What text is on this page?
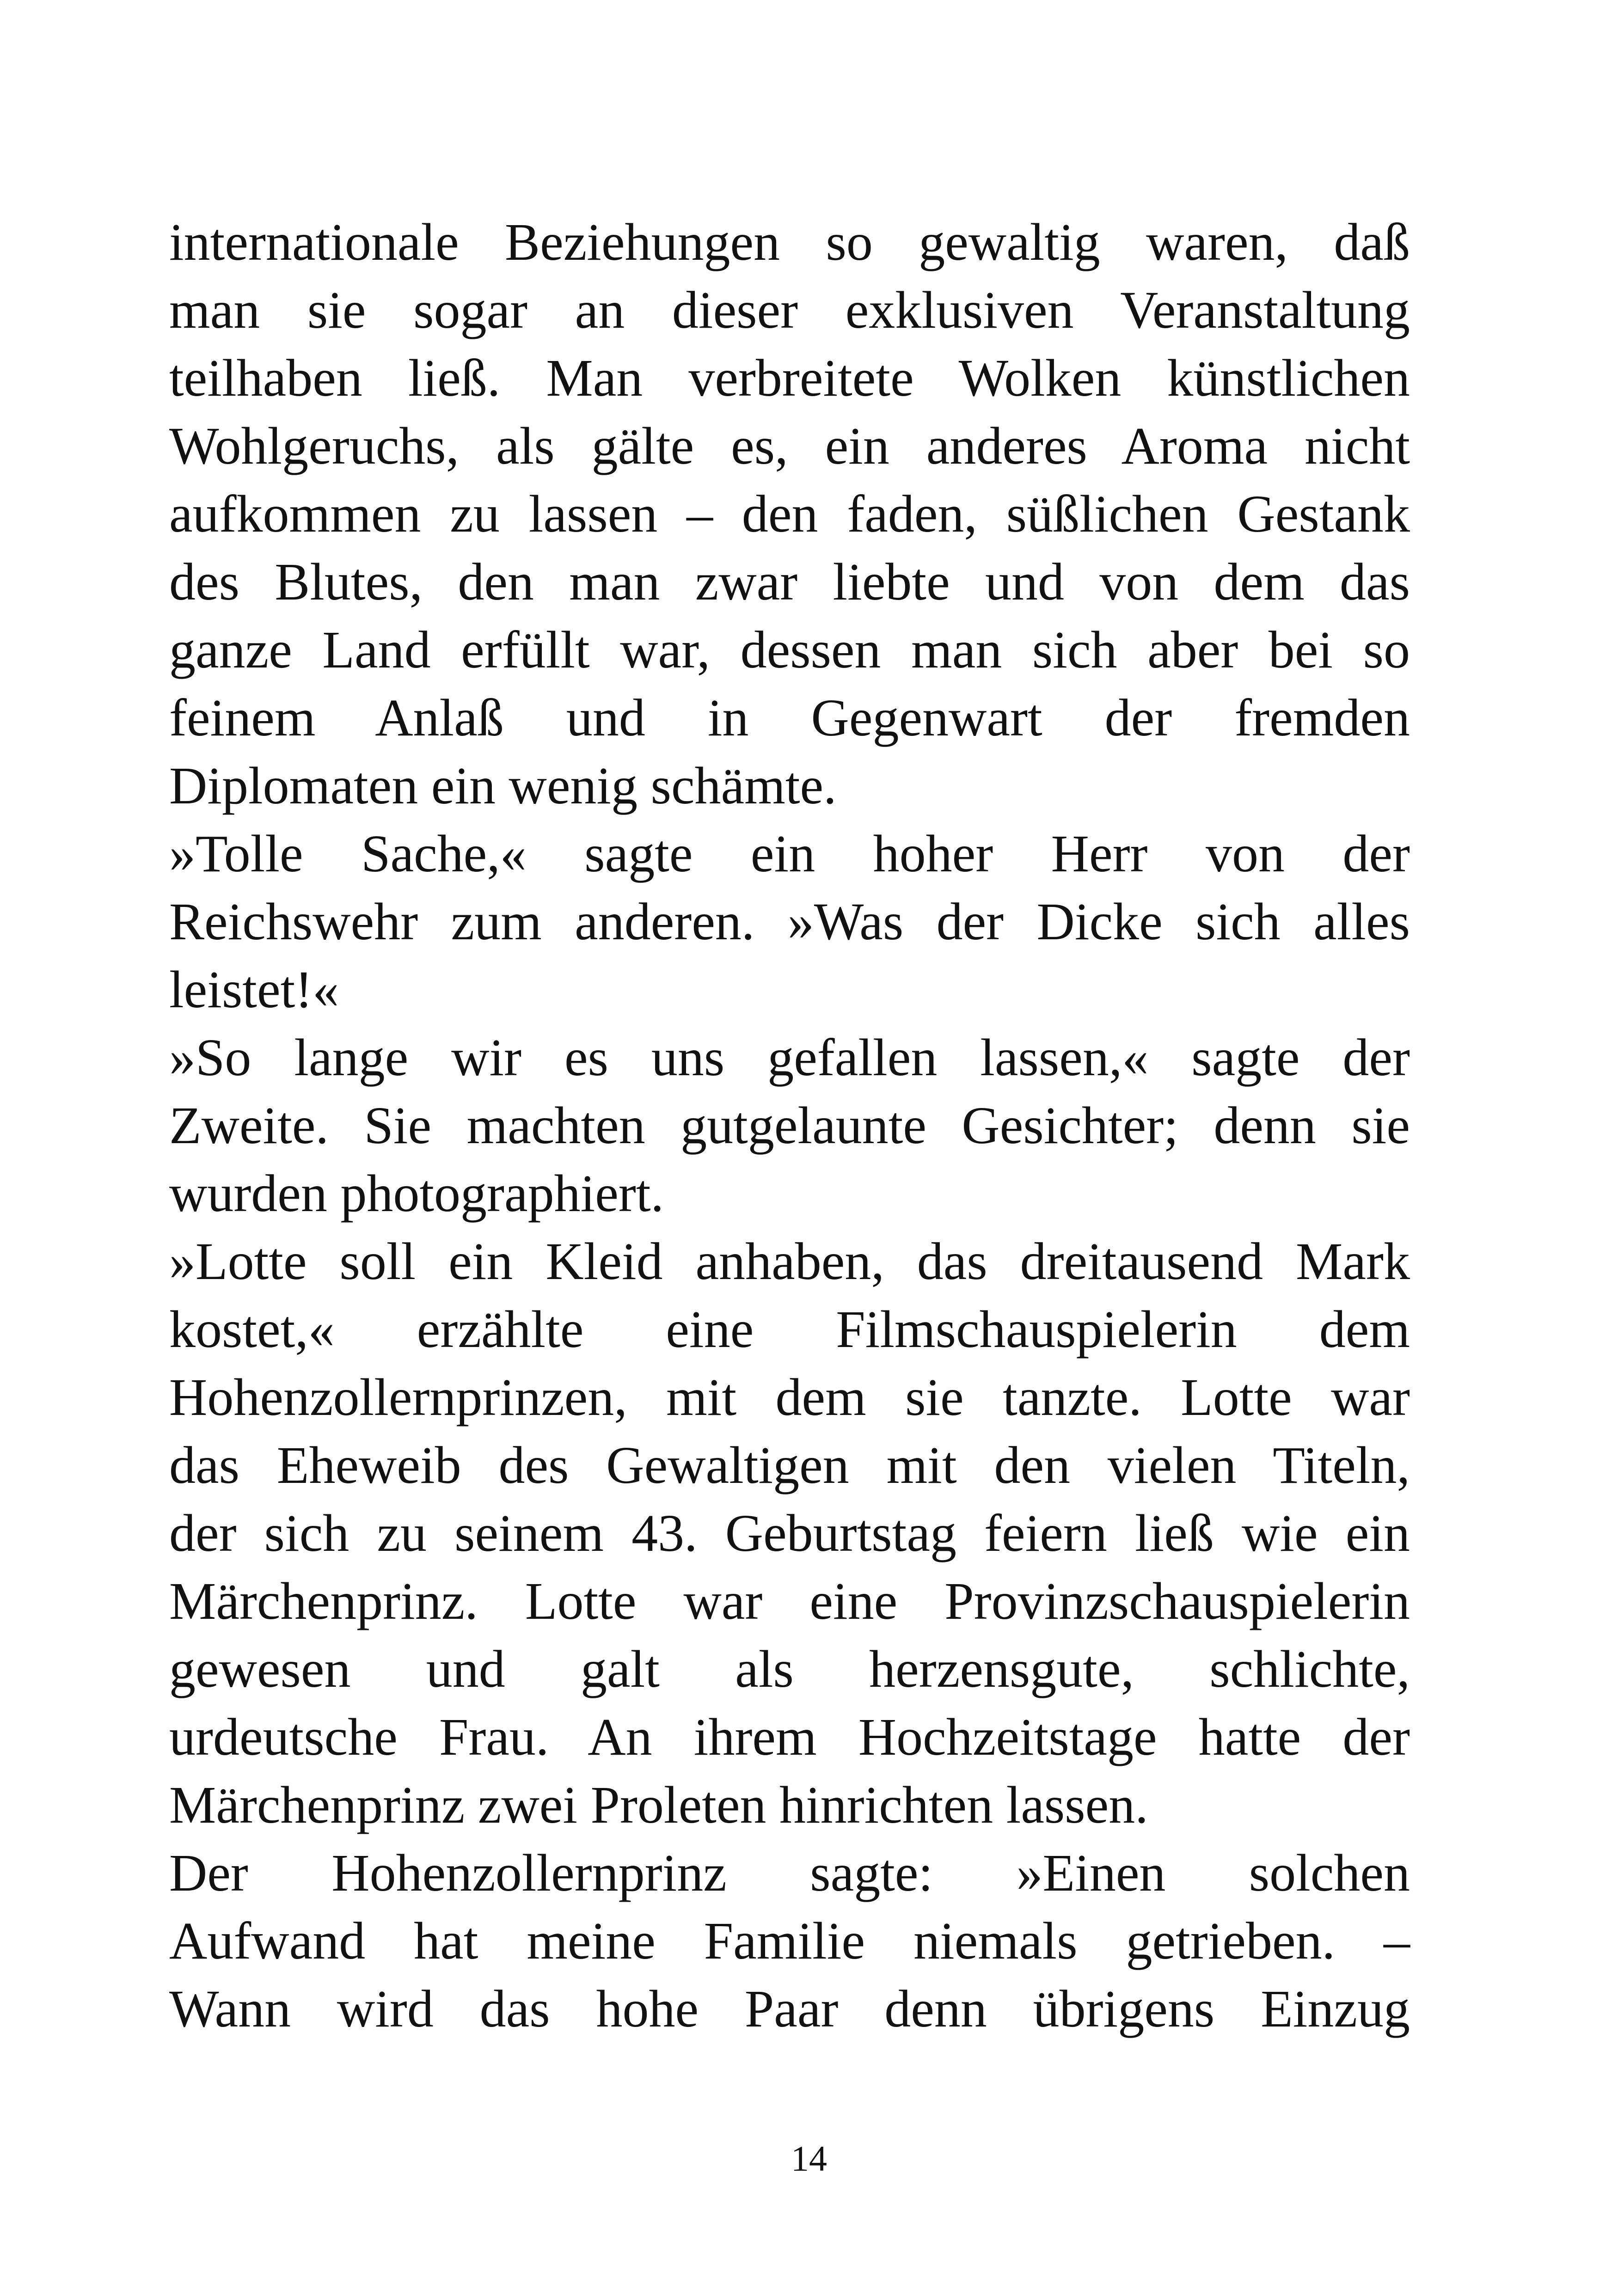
internationale Beziehungen so gewaltig waren, daß
man sie sogar an dieser exklusiven Veranstaltung
teilhaben ließ. Man verbreitete Wolken künstlichen
Wohlgeruchs, als gälte es, ein anderes Aroma nicht
aufkommen zu lassen – den faden, süßlichen Gestank
des Blutes, den man zwar liebte und von dem das
ganze Land erfüllt war, dessen man sich aber bei so
feinem Anlaß und in Gegenwart der fremden
Diplomaten ein wenig schämte.
»Tolle Sache,« sagte ein hoher Herr von der
Reichswehr zum anderen. »Was der Dicke sich alles
leistet!«
»So lange wir es uns gefallen lassen,« sagte der
Zweite. Sie machten gutgelaunte Gesichter; denn sie
wurden photographiert.
»Lotte soll ein Kleid anhaben, das dreitausend Mark
kostet,« erzählte eine Filmschauspielerin dem
Hohenzollernprinzen, mit dem sie tanzte. Lotte war
das Eheweib des Gewaltigen mit den vielen Titeln,
der sich zu seinem 43. Geburtstag feiern ließ wie ein
Märchenprinz. Lotte war eine Provinzschauspielerin
gewesen und galt als herzensgute, schlichte,
urdeutsche Frau. An ihrem Hochzeitstage hatte der
Märchenprinz zwei Proleten hinrichten lassen.
Der Hohenzollernprinz sagte: »Einen solchen
Aufwand hat meine Familie niemals getrieben. –
Wann wird das hohe Paar denn übrigens Einzug
14
